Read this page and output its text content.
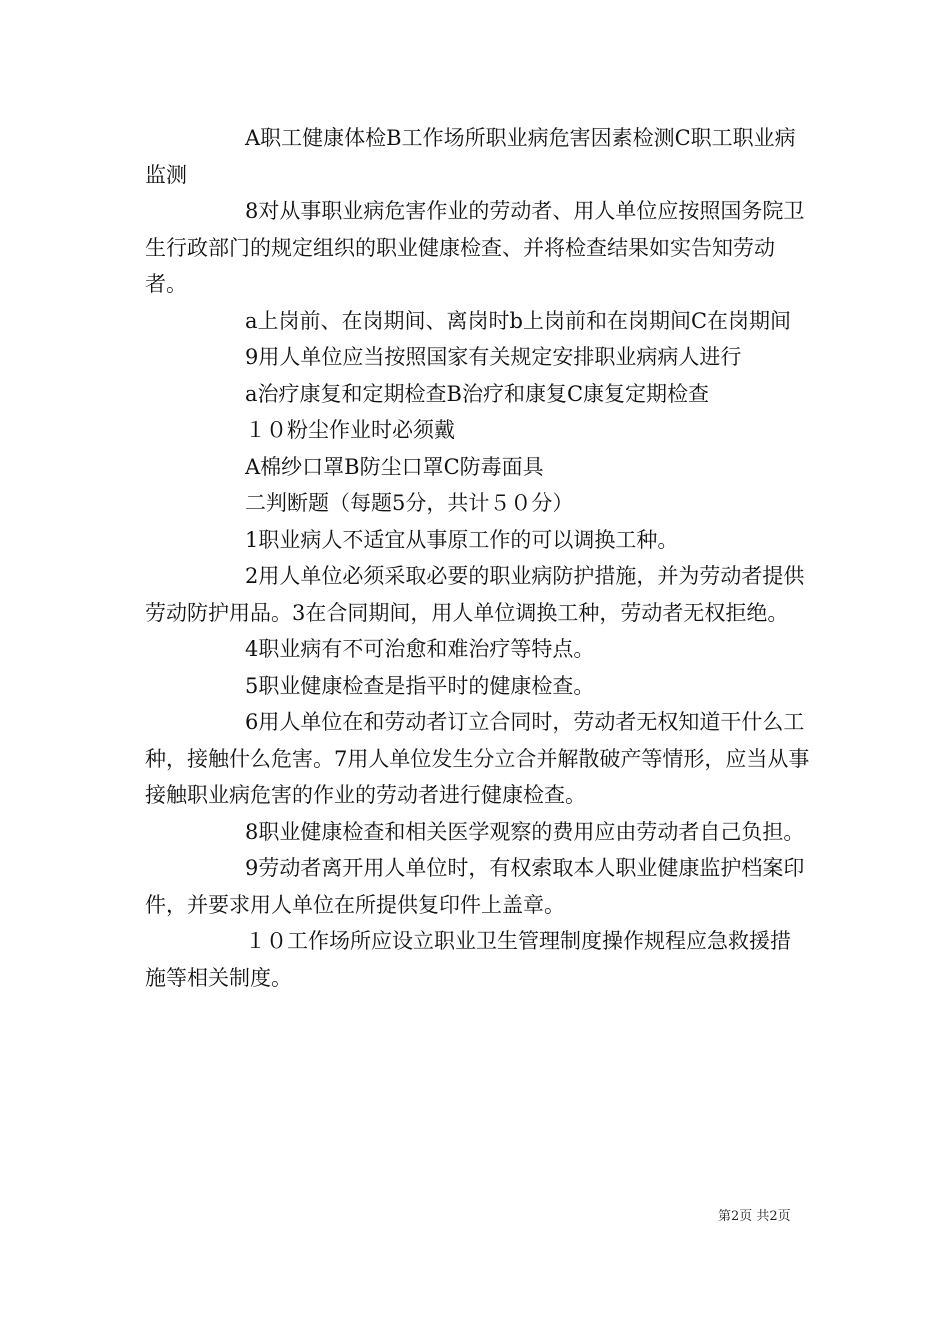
A职工健康体检B工作场所职业病危害因素检测C职工职业病监测

8对从事职业病危害作业的劳动者、用人单位应按照国务院卫生行政部门的规定组织的职业健康检查、并将检查结果如实告知劳动者。

a上岗前、在岗期间、离岗时b上岗前和在岗期间C在岗期间

9用人单位应当按照国家有关规定安排职业病病人进行

a治疗康复和定期检查B治疗和康复C康复定期检查

１０粉尘作业时必须戴

A棉纱口罩B防尘口罩C防毒面具

二判断题（每题5分，共计５０分）

1职业病人不适宜从事原工作的可以调换工种。

2用人单位必须采取必要的职业病防护措施，并为劳动者提供劳动防护用品。3在合同期间，用人单位调换工种，劳动者无权拒绝。

4职业病有不可治愈和难治疗等特点。

5职业健康检查是指平时的健康检查。

6用人单位在和劳动者订立合同时，劳动者无权知道干什么工种，接触什么危害。7用人单位发生分立合并解散破产等情形，应当从事接触职业病危害的作业的劳动者进行健康检查。

8职业健康检查和相关医学观察的费用应由劳动者自己负担。

9劳动者离开用人单位时，有权索取本人职业健康监护档案印件，并要求用人单位在所提供复印件上盖章。

１０工作场所应设立职业卫生管理制度操作规程应急救援措施等相关制度。

第2页 共2页
